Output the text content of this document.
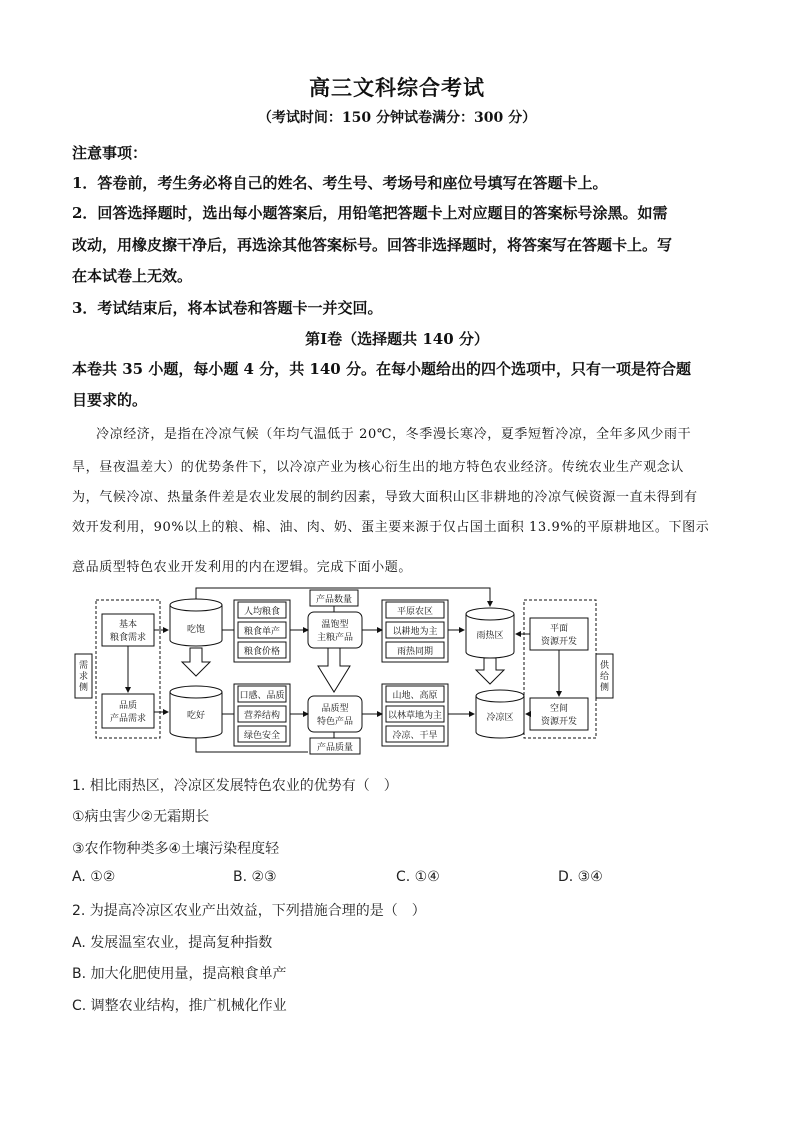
高三文科综合考试
（考试时间：150 分钟试卷满分：300 分）
注意事项：
1．答卷前，考生务必将自己的姓名、考生号、考场号和座位号填写在答题卡上。
2．回答选择题时，选出每小题答案后，用铅笔把答题卡上对应题目的答案标号涂黑。如需
改动，用橡皮擦干净后，再选涂其他答案标号。回答非选择题时，将答案写在答题卡上。写
在本试卷上无效。
3．考试结束后，将本试卷和答题卡一并交回。
第Ⅰ卷（选择题共 140 分）
本卷共 35 小题，每小题 4 分，共 140 分。在每小题给出的四个选项中，只有一项是符合题
目要求的。
冷凉经济，是指在冷凉气候（年均气温低于 20℃，冬季漫长寒冷，夏季短暂冷凉，全年多风少雨干
旱，昼夜温差大）的优势条件下，以冷凉产业为核心衍生出的地方特色农业经济。传统农业生产观念认
为，气候冷凉、热量条件差是农业发展的制约因素，导致大面积山区非耕地的冷凉气候资源一直未得到有
效开发利用，90%以上的粮、棉、油、肉、奶、蛋主要来源于仅占国土面积 13.9%的平原耕地区。下图示
意品质型特色农业开发利用的内在逻辑。完成下面小题。
需
求
侧
供
给
侧
基本
粮食需求
品质
产品需求
吃饱
吃好
人均粮食
粮食单产
粮食价格
口感、品质
营养结构
绿色安全
产品数量
温饱型
主粮产品
品质型
特色产品
产品质量
平原农区
以耕地为主
雨热同期
山地、高原
以林草地为主
冷凉、干旱
雨热区
冷凉区
平面
资源开发
空间
资源开发
1. 相比雨热区，冷凉区发展特色农业的优势有（　）
①病虫害少②无霜期长
③农作物种类多④土壤污染程度轻
A. ①②	B. ②③	C. ①④	D. ③④
2. 为提高冷凉区农业产出效益，下列措施合理的是（　）
A. 发展温室农业，提高复种指数
B. 加大化肥使用量，提高粮食单产
C. 调整农业结构，推广机械化作业
